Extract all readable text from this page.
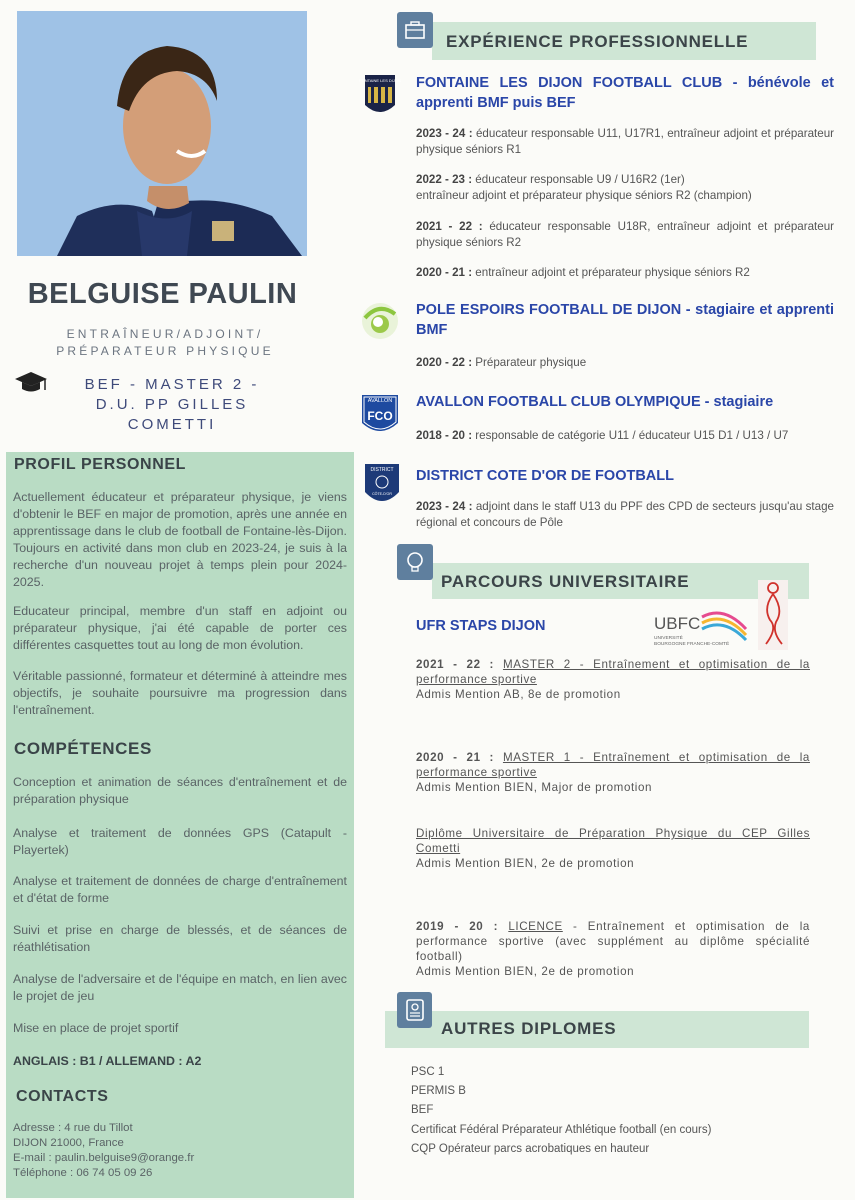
BELGUISE PAULIN
ENTRAÎNEUR/ADJOINT/
PRÉPARATEUR PHYSIQUE
BEF - MASTER 2 -
D.U. PP GILLES
COMETTI
PROFIL PERSONNEL
Actuellement éducateur et préparateur physique, je viens d'obtenir le BEF en major de promotion, après une année en apprentissage dans le club de football de Fontaine-lès-Dijon. Toujours en activité dans mon club en 2023-24, je suis à la recherche d'un nouveau projet à temps plein pour 2024-2025.
Educateur principal, membre d'un staff en adjoint ou préparateur physique, j'ai été capable de porter ces différentes casquettes tout au long de mon évolution.
Véritable passionné, formateur et déterminé à atteindre mes objectifs, je souhaite poursuivre ma progression dans l'entraînement.
COMPÉTENCES
Conception et animation de séances d'entraînement et de préparation physique
Analyse et traitement de données GPS (Catapult - Playertek)
Analyse et traitement de données de charge d'entraînement et d'état de forme
Suivi et prise en charge de blessés, et de séances de réathlétisation
Analyse de l'adversaire et de l'équipe en match, en lien avec le projet de jeu
Mise en place de projet sportif
ANGLAIS : B1 / ALLEMAND : A2
CONTACTS
Adresse : 4 rue du Tillot
DIJON 21000, France
E-mail : paulin.belguise9@orange.fr
Téléphone : 06 74 05 09 26
EXPÉRIENCE PROFESSIONNELLE
FONTAINE LES DIJON FONTAINE LES DIJON FOOTBALL CLUB - bénévole et apprenti BMF puis BEF
2023 - 24 : éducateur responsable U11, U17R1, entraîneur adjoint et préparateur physique séniors R1
2022 - 23 : éducateur responsable U9 / U16R2 (1er)
entraîneur adjoint et préparateur physique séniors R2 (champion)
2021 - 22 : éducateur responsable U18R, entraîneur adjoint et préparateur physique séniors R2
2020 - 21 : entraîneur adjoint et préparateur physique séniors R2
POLE ESPOIRS FOOTBALL DE DIJON - stagiaire et apprenti BMF
2020 - 22 : Préparateur physique
AVALLON
FCO
AVALLON FOOTBALL CLUB OLYMPIQUE - stagiaire
2018 - 20 : responsable de catégorie U11 / éducateur U15 D1 / U13 / U7
DISTRICT
CÔTE-D'OR
DISTRICT COTE D'OR DE FOOTBALL
2023 - 24 : adjoint dans le staff U13 du PPF des CPD de secteurs jusqu'au stage régional et concours de Pôle
PARCOURS UNIVERSITAIRE
UFR STAPS DIJON	UBFC
UNIVERSITÉ
BOURGOGNE FRANCHE-COMTÉ
2021 - 22 : MASTER 2 - Entraînement et optimisation de la performance sportive
Admis Mention AB, 8e de promotion
2020 - 21 : MASTER 1 - Entraînement et optimisation de la performance sportive
Admis Mention BIEN, Major de promotion
Diplôme Universitaire de Préparation Physique du CEP Gilles Cometti
Admis Mention BIEN, 2e de promotion
2019 - 20 : LICENCE - Entraînement et optimisation de la performance sportive (avec supplément au diplôme spécialité football)
Admis Mention BIEN, 2e de promotion
AUTRES DIPLOMES
PSC 1
PERMIS B
BEF
Certificat Fédéral Préparateur Athlétique football (en cours)
CQP Opérateur parcs acrobatiques en hauteur
